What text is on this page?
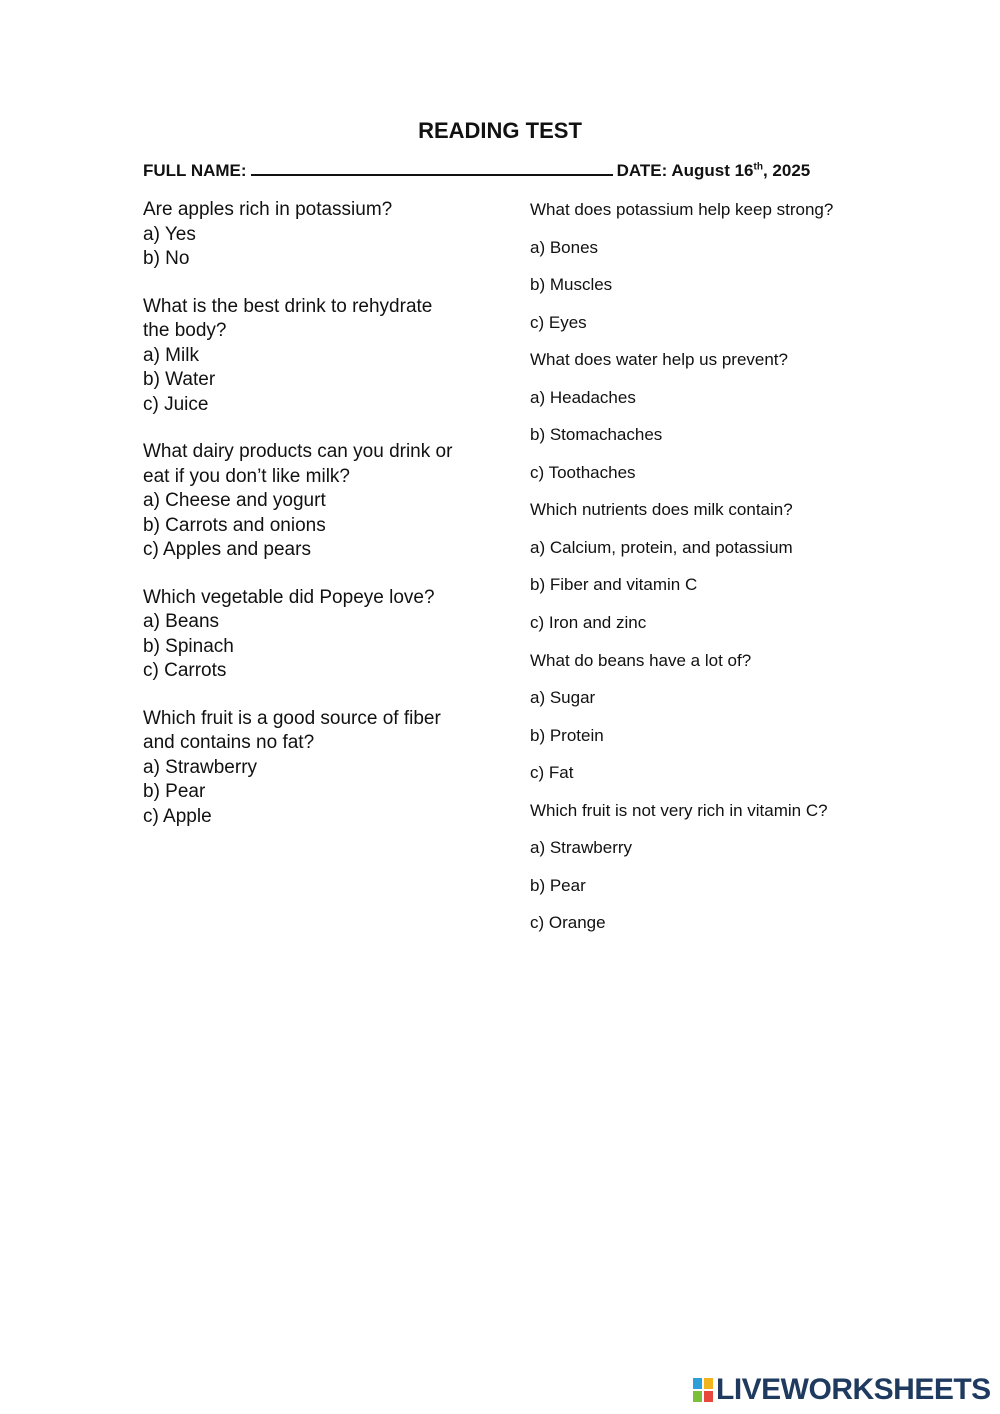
READING TEST
FULL NAME:	DATE: August 16th, 2025
Are apples rich in potassium?
a) Yes
b) No
What is the best drink to rehydrate
the body?
a) Milk
b) Water
c) Juice
What dairy products can you drink or
eat if you don’t like milk?
a) Cheese and yogurt
b) Carrots and onions
c) Apples and pears
Which vegetable did Popeye love?
a) Beans
b) Spinach
c) Carrots
Which fruit is a good source of fiber
and contains no fat?
a) Strawberry
b) Pear
c) Apple
What does potassium help keep strong?
a) Bones
b) Muscles
c) Eyes
What does water help us prevent?
a) Headaches
b) Stomachaches
c) Toothaches
Which nutrients does milk contain?
a) Calcium, protein, and potassium
b) Fiber and vitamin C
c) Iron and zinc
What do beans have a lot of?
a) Sugar
b) Protein
c) Fat
Which fruit is not very rich in vitamin C?
a) Strawberry
b) Pear
c) Orange
LIVEWORKSHEETS
